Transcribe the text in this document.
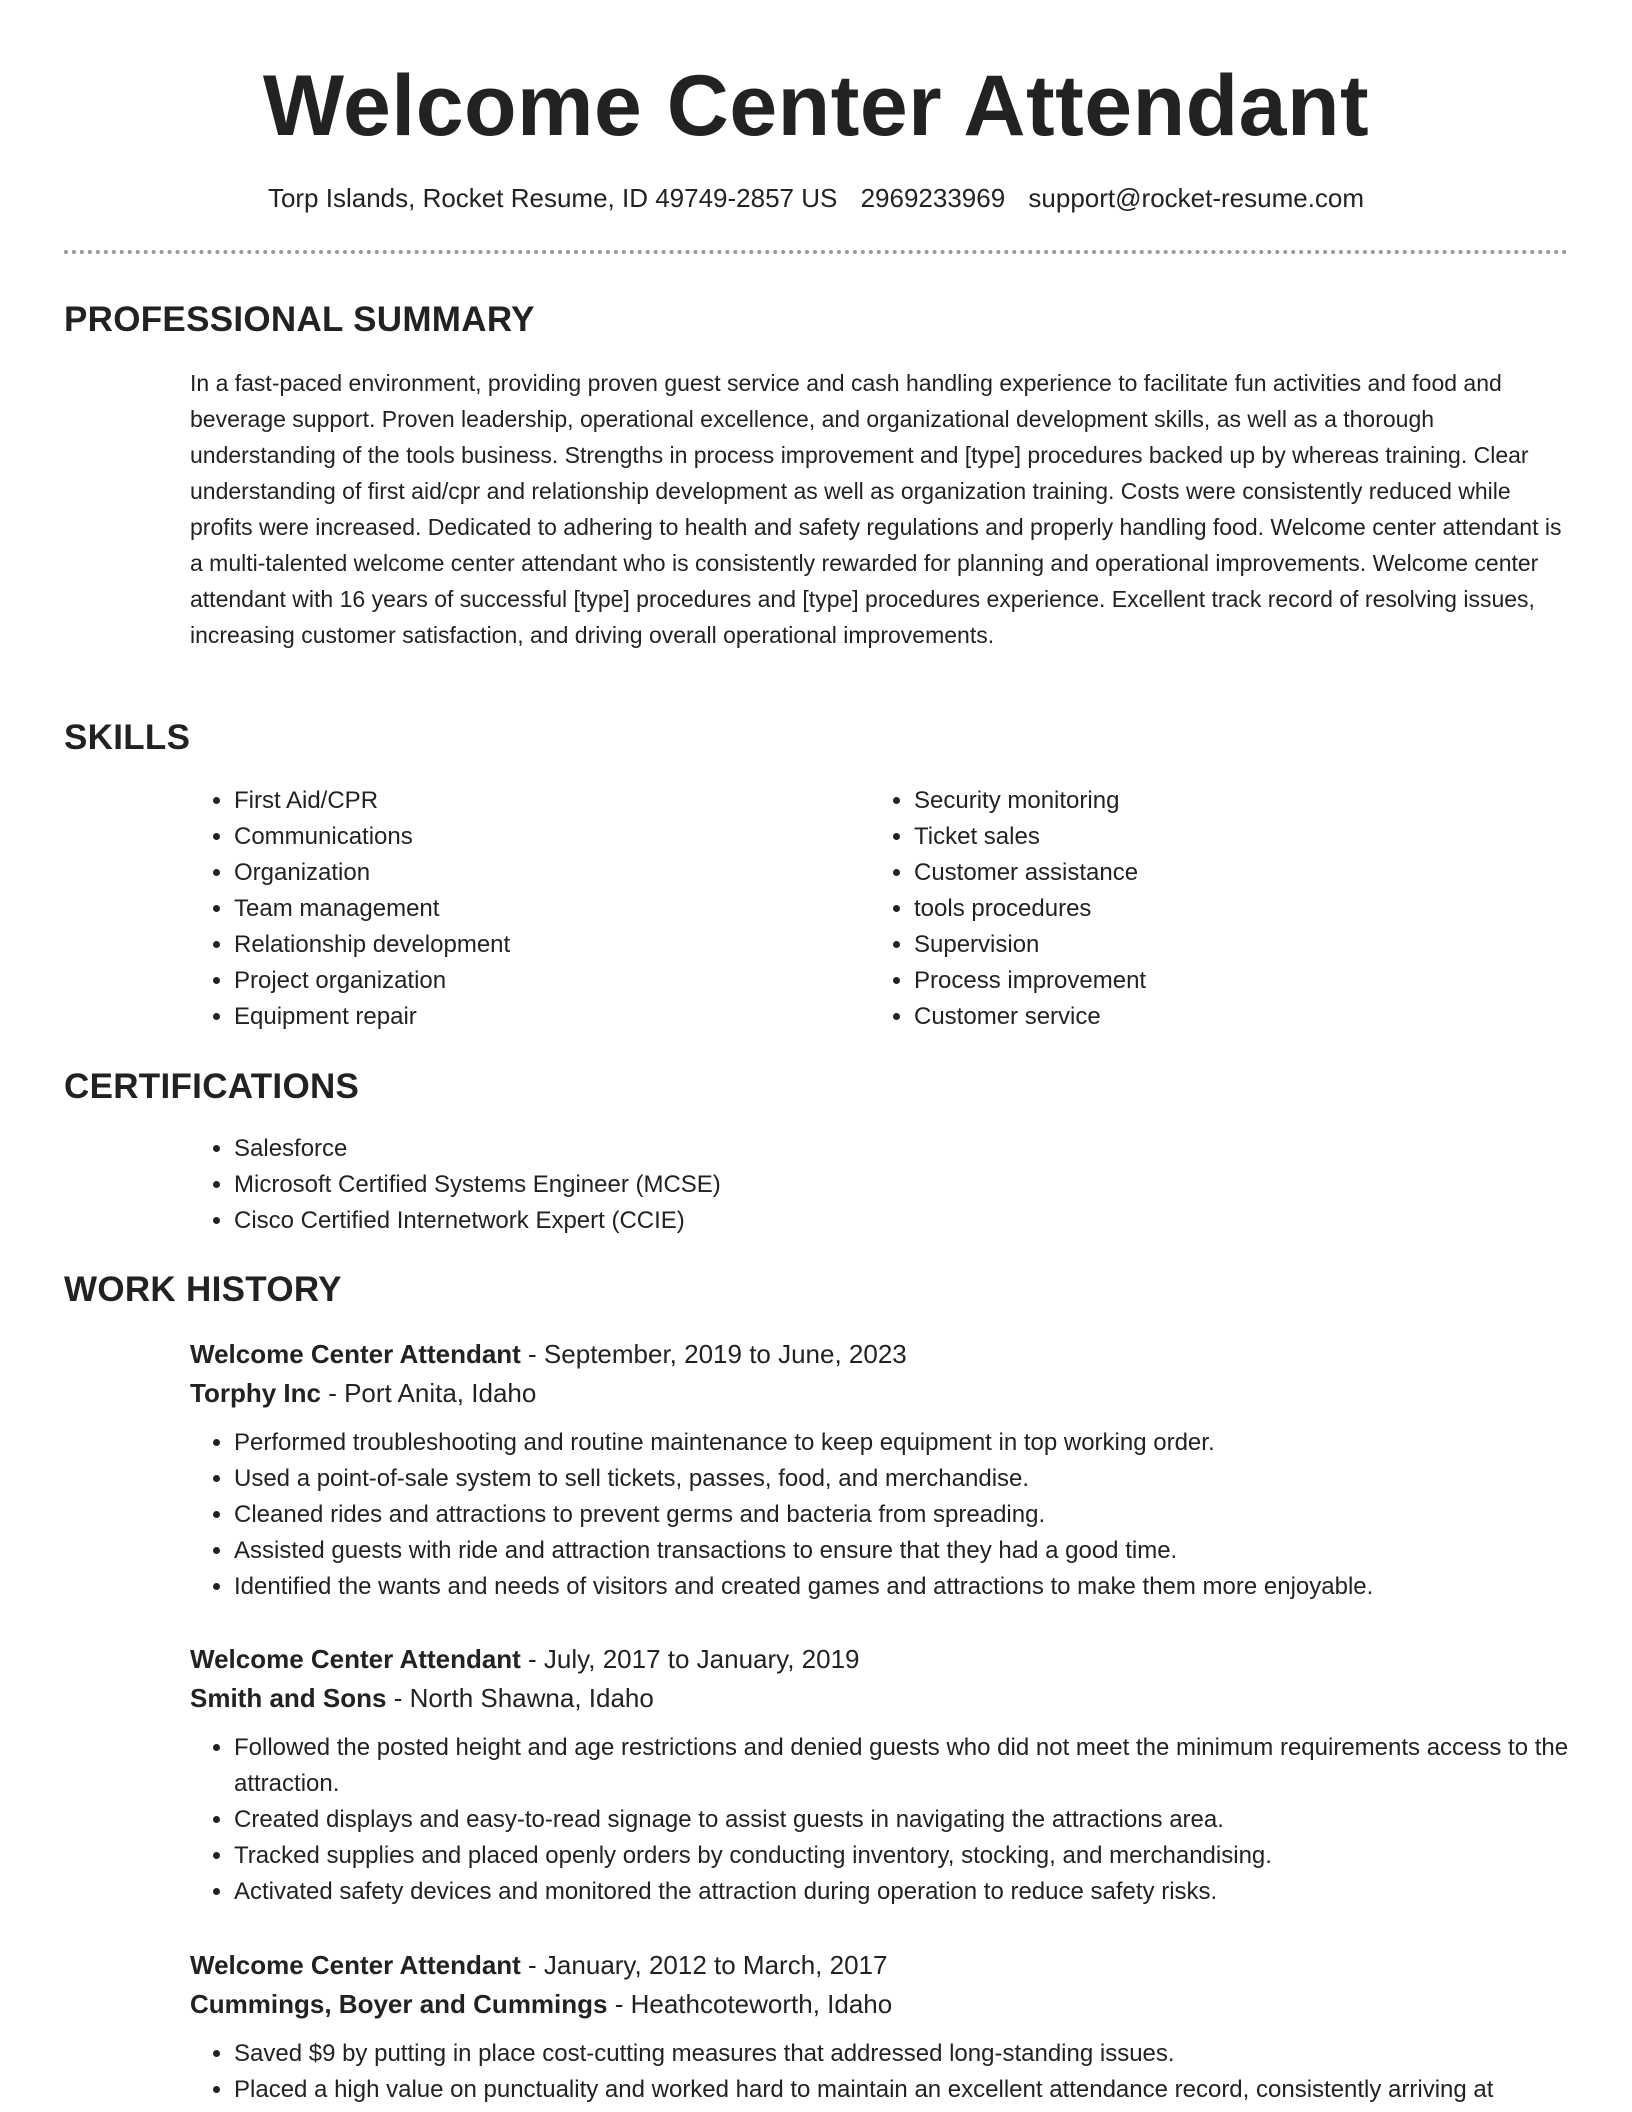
Welcome Center Attendant
Torp Islands, Rocket Resume, ID 49749-2857 US 2969233969 support@rocket-resume.com
PROFESSIONAL SUMMARY

In a fast-paced environment, providing proven guest service and cash handling experience to facilitate fun activities and food and beverage support. Proven leadership, operational excellence, and organizational development skills, as well as a thorough understanding of the tools business. Strengths in process improvement and [type] procedures backed up by whereas training. Clear understanding of first aid/cpr and relationship development as well as organization training. Costs were consistently reduced while profits were increased. Dedicated to adhering to health and safety regulations and properly handling food. Welcome center attendant is a multi-talented welcome center attendant who is consistently rewarded for planning and operational improvements. Welcome center attendant with 16 years of successful [type] procedures and [type] procedures experience. Excellent track record of resolving issues, increasing customer satisfaction, and driving overall operational improvements.

SKILLS
• First Aid/CPR
• Communications
• Organization
• Team management
• Relationship development
• Project organization
• Equipment repair
• Security monitoring
• Ticket sales
• Customer assistance
• tools procedures
• Supervision
• Process improvement
• Customer service
CERTIFICATIONS
• Salesforce
• Microsoft Certified Systems Engineer (MCSE)
• Cisco Certified Internetwork Expert (CCIE)
WORK HISTORY

Welcome Center Attendant - September, 2019 to June, 2023

Torphy Inc - Port Anita, Idaho

• Performed troubleshooting and routine maintenance to keep equipment in top working order.
• Used a point-of-sale system to sell tickets, passes, food, and merchandise.
• Cleaned rides and attractions to prevent germs and bacteria from spreading.
• Assisted guests with ride and attraction transactions to ensure that they had a good time.
• Identified the wants and needs of visitors and created games and attractions to make them more enjoyable.

Welcome Center Attendant - July, 2017 to January, 2019

Smith and Sons - North Shawna, Idaho

• Followed the posted height and age restrictions and denied guests who did not meet the minimum requirements access to the attraction.
• Created displays and easy-to-read signage to assist guests in navigating the attractions area.
• Tracked supplies and placed openly orders by conducting inventory, stocking, and merchandising.
• Activated safety devices and monitored the attraction during operation to reduce safety risks.

Welcome Center Attendant - January, 2012 to March, 2017

Cummings, Boyer and Cummings - Heathcoteworth, Idaho

• Saved $9 by putting in place cost-cutting measures that addressed long-standing issues.
• Placed a high value on punctuality and worked hard to maintain an excellent attendance record, consistently arriving at
